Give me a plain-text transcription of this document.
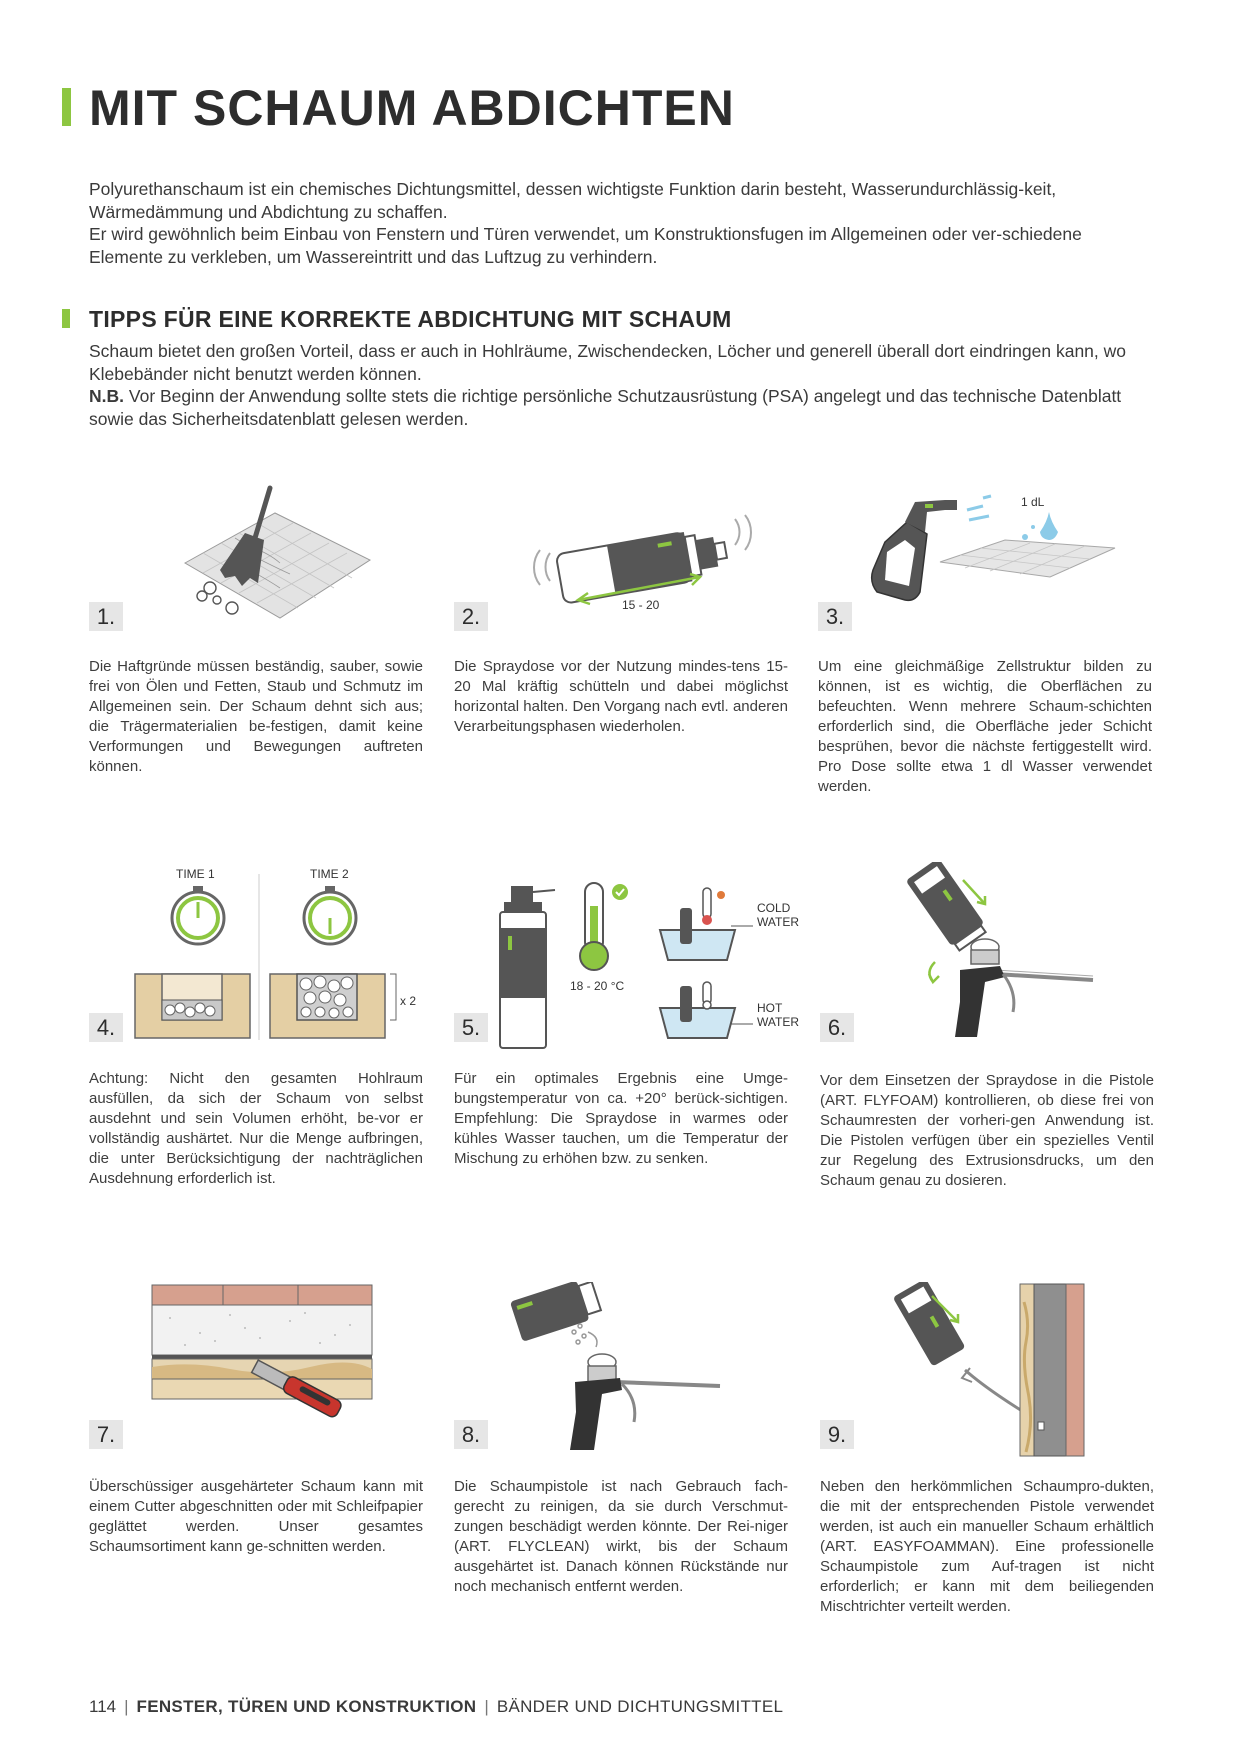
MIT SCHAUM ABDICHTEN

Polyurethanschaum ist ein chemisches Dichtungsmittel, dessen wichtigste Funktion darin besteht, Wasserundurchlässig-keit, Wärmedämmung und Abdichtung zu schaffen.

Er wird gewöhnlich beim Einbau von Fenstern und Türen verwendet, um Konstruktionsfugen im Allgemeinen oder ver-schiedene Elemente zu verkleben, um Wassereintritt und das Luftzug zu verhindern.

TIPPS FÜR EINE KORREKTE ABDICHTUNG MIT SCHAUM

Schaum bietet den großen Vorteil, dass er auch in Hohlräume, Zwischendecken, Löcher und generell überall dort eindringen kann, wo Klebebänder nicht benutzt werden können.

N.B. Vor Beginn der Anwendung sollte stets die richtige persönliche Schutzausrüstung (PSA) angelegt und das technische Datenblatt sowie das Sicherheitsdatenblatt gelesen werden.

1.
Die Haftgründe müssen beständig, sauber, sowie frei von Ölen und Fetten, Staub und Schmutz im Allgemeinen sein. Der Schaum dehnt sich aus; die Trägermaterialien be-festigen, damit keine Verformungen und Bewegungen auftreten können.
15 - 20
2.
Die Spraydose vor der Nutzung mindes-tens 15-20 Mal kräftig schütteln und dabei möglichst horizontal halten. Den Vorgang nach evtl. anderen Verarbeitungsphasen wiederholen.
1 dL
3.
Um eine gleichmäßige Zellstruktur bilden zu können, ist es wichtig, die Oberflächen zu befeuchten. Wenn mehrere Schaum-schichten erforderlich sind, die Oberfläche jeder Schicht besprühen, bevor die nächste fertiggestellt wird. Pro Dose sollte etwa 1 dl Wasser verwendet werden.
TIME 1	TIME 2
x 2
4.
Achtung: Nicht den gesamten Hohlraum ausfüllen, da sich der Schaum von selbst ausdehnt und sein Volumen erhöht, be-vor er vollständig aushärtet. Nur die Menge aufbringen, die unter Berücksichtigung der nachträglichen Ausdehnung erforderlich ist.
18 - 20 °C
COLD
WATER
HOT
WATER
5.
Für ein optimales Ergebnis eine Umge-bungstemperatur von ca. +20° berück-sichtigen. Empfehlung: Die Spraydose in warmes oder kühles Wasser tauchen, um die Temperatur der Mischung zu erhöhen bzw. zu senken.
6.
Vor dem Einsetzen der Spraydose in die Pistole (ART. FLYFOAM) kontrollieren, ob diese frei von Schaumresten der vorheri-gen Anwendung ist. Die Pistolen verfügen über ein spezielles Ventil zur Regelung des Extrusionsdrucks, um den Schaum genau zu dosieren.
7.
Überschüssiger ausgehärteter Schaum kann mit einem Cutter abgeschnitten oder mit Schleifpapier geglättet werden. Unser gesamtes Schaumsortiment kann ge-schnitten werden.
8.
Die Schaumpistole ist nach Gebrauch fach-gerecht zu reinigen, da sie durch Verschmut-zungen beschädigt werden könnte. Der Rei-niger (ART. FLYCLEAN) wirkt, bis der Schaum ausgehärtet ist. Danach können Rückstände nur noch mechanisch entfernt werden.
9.
Neben den herkömmlichen Schaumpro-dukten, die mit der entsprechenden Pistole verwendet werden, ist auch ein manueller Schaum erhältlich (ART. EASYFOAMMAN). Eine professionelle Schaumpistole zum Auf-tragen ist nicht erforderlich; er kann mit dem beiliegenden Mischtrichter verteilt werden.
114 | FENSTER, TÜREN UND KONSTRUKTION | BÄNDER UND DICHTUNGSMITTEL
